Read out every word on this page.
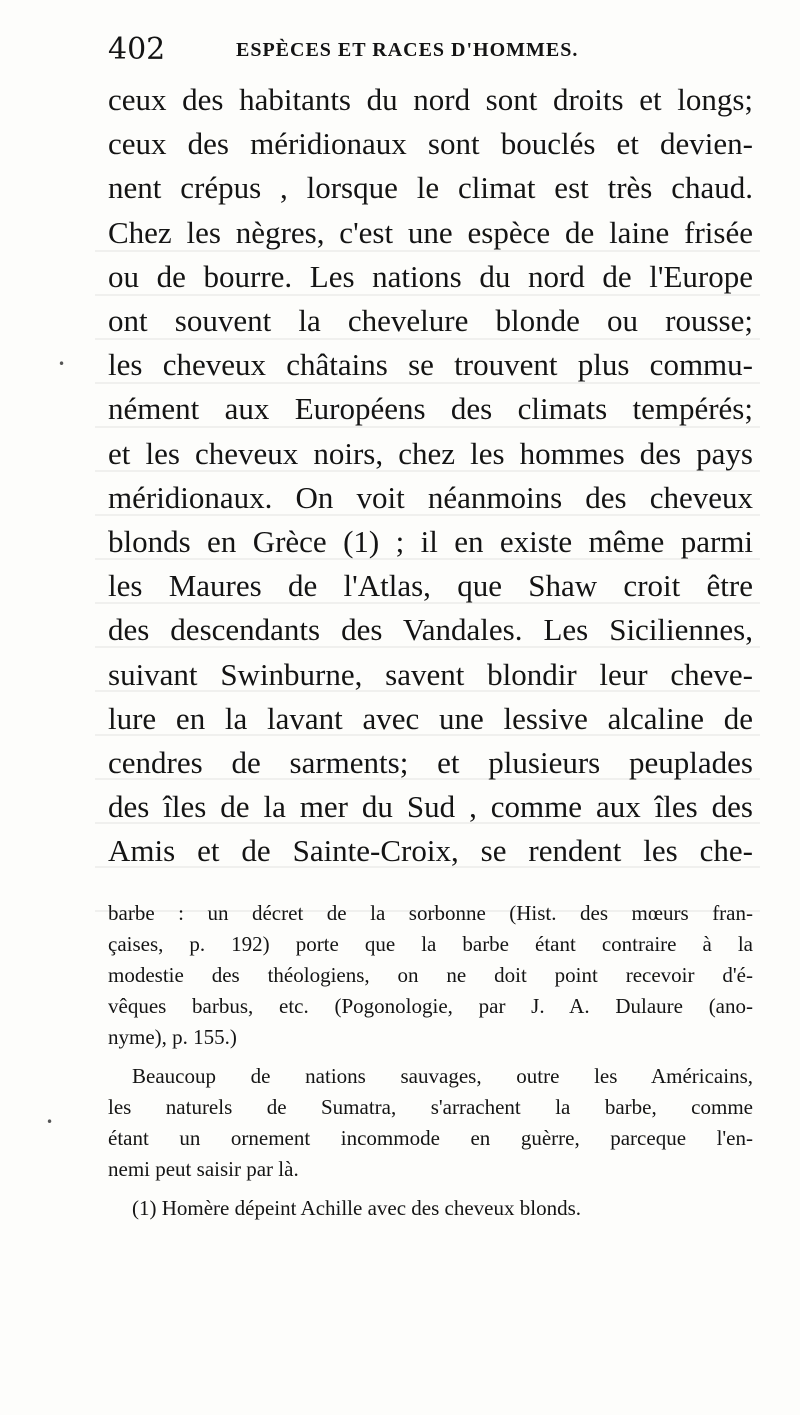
402	ESPÈCES ET RACES D'HOMMES.
ceux des habitants du nord sont droits et longs;
ceux des méridionaux sont bouclés et devien-
nent crépus , lorsque le climat est très chaud.
Chez les nègres, c'est une espèce de laine frisée
ou de bourre. Les nations du nord de l'Europe
ont souvent la chevelure blonde ou rousse;
les cheveux châtains se trouvent plus commu-
nément aux Européens des climats tempérés;
et les cheveux noirs, chez les hommes des pays
méridionaux. On voit néanmoins des cheveux
blonds en Grèce (1) ; il en existe même parmi
les Maures de l'Atlas, que Shaw croit être
des descendants des Vandales. Les Siciliennes,
suivant Swinburne, savent blondir leur cheve-
lure en la lavant avec une lessive alcaline de
cendres de sarments; et plusieurs peuplades
des îles de la mer du Sud , comme aux îles des
Amis et de Sainte-Croix, se rendent les che-
barbe : un décret de la sorbonne (Hist. des mœurs fran-
çaises, p. 192) porte que la barbe étant contraire à la
modestie des théologiens, on ne doit point recevoir d'é-
vêques barbus, etc. (Pogonologie, par J. A. Dulaure (ano-
nyme), p. 155.)
Beaucoup de nations sauvages, outre les Américains,
les naturels de Sumatra, s'arrachent la barbe, comme
étant un ornement incommode en guèrre, parceque l'en-
nemi peut saisir par là.
(1) Homère dépeint Achille avec des cheveux blonds.
•
•
